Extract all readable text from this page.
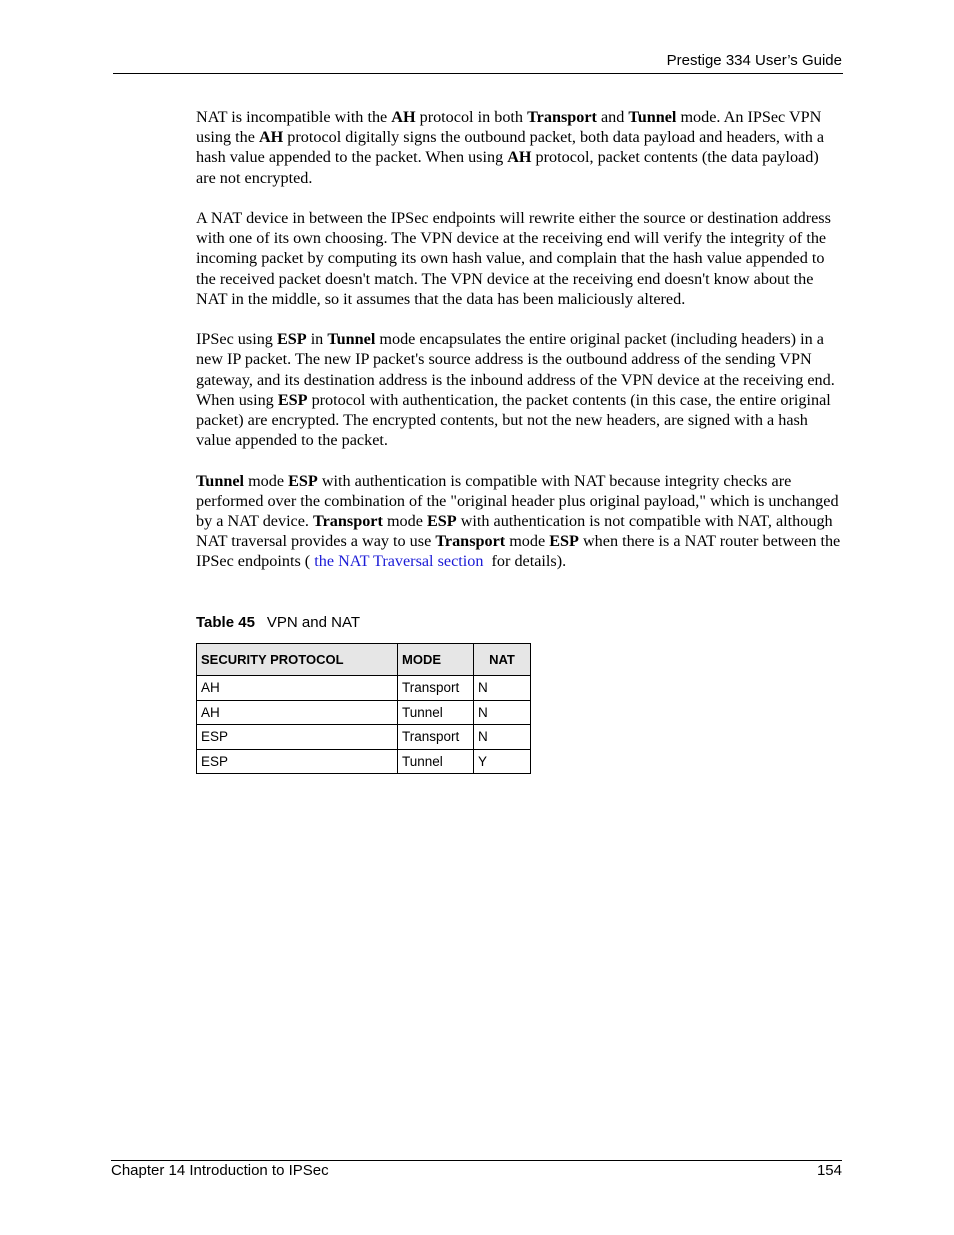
Prestige 334 User’s Guide

NAT is incompatible with the AH protocol in both Transport and Tunnel mode. An IPSec VPN using the AH protocol digitally signs the outbound packet, both data payload and headers, with a hash value appended to the packet. When using AH protocol, packet contents (the data payload) are not encrypted.

A NAT device in between the IPSec endpoints will rewrite either the source or destination address with one of its own choosing. The VPN device at the receiving end will verify the integrity of the incoming packet by computing its own hash value, and complain that the hash value appended to the received packet doesn't match. The VPN device at the receiving end doesn't know about the NAT in the middle, so it assumes that the data has been maliciously altered.

IPSec using ESP in Tunnel mode encapsulates the entire original packet (including headers) in a new IP packet. The new IP packet's source address is the outbound address of the sending VPN gateway, and its destination address is the inbound address of the VPN device at the receiving end. When using ESP protocol with authentication, the packet contents (in this case, the entire original packet) are encrypted. The encrypted contents, but not the new headers, are signed with a hash value appended to the packet.

Tunnel mode ESP with authentication is compatible with NAT because integrity checks are performed over the combination of the "original header plus original payload," which is unchanged by a NAT device. Transport mode ESP with authentication is not compatible with NAT, although NAT traversal provides a way to use Transport mode ESP when there is a NAT router between the IPSec endpoints ( the NAT Traversal section  for details).

Table 45 VPN and NAT
SECURITY PROTOCOL	MODE	NAT
AH	Transport	N
AH	Tunnel	N
ESP	Transport	N
ESP	Tunnel	Y
Chapter 14 Introduction to IPSec	154
